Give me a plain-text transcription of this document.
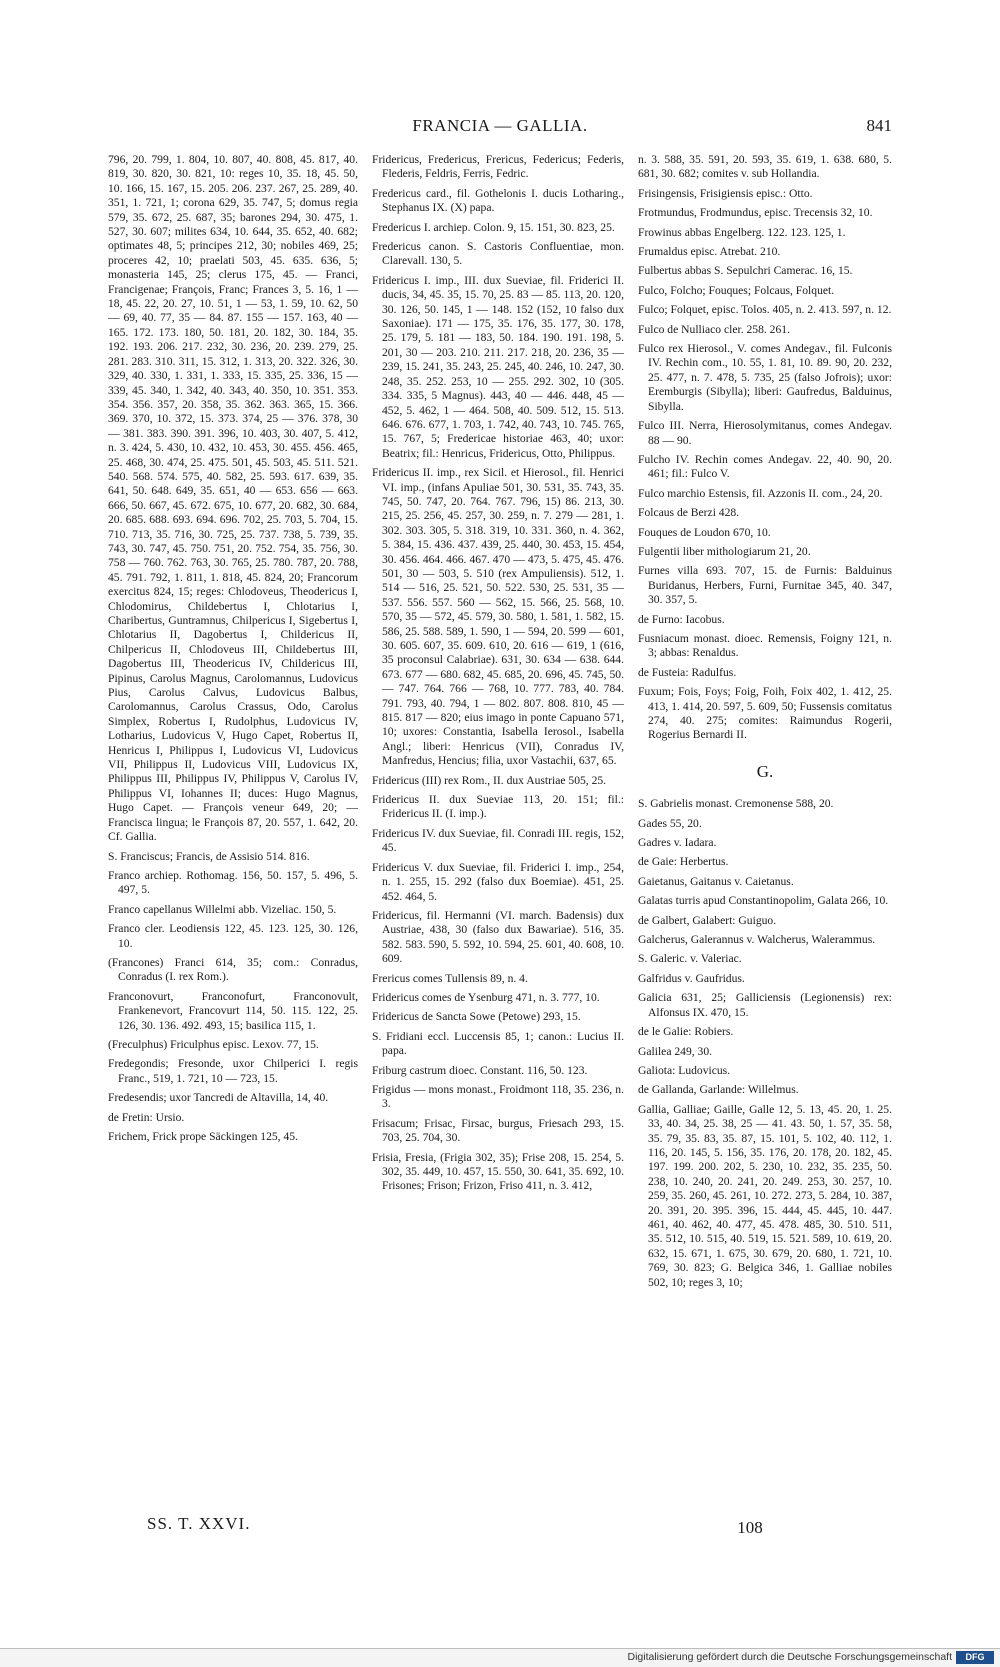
FRANCIA — GALLIA.	841
796, 20. 799, 1. 804, 10. 807, 40. 808, 45. 817, 40. 819, 30. 820, 30. 821, 10: reges 10, 35. 18, 45. 50, 10. 166, 15. 167, 15. 205. 206. 237. 267, 25. 289, 40. 351, 1. 721, 1; corona 629, 35. 747, 5; domus regia 579, 35. 672, 25. 687, 35; barones 294, 30. 475, 1. 527, 30. 607; milites 634, 10. 644, 35. 652, 40. 682; optimates 48, 5; principes 212, 30; nobiles 469, 25; proceres 42, 10; praelati 503, 45. 635. 636, 5; monasteria 145, 25; clerus 175, 45. — Franci, Francigenae; François, Franc; Frances 3, 5. 16, 1 — 18, 45. 22, 20. 27, 10. 51, 1 — 53, 1. 59, 10. 62, 50 — 69, 40. 77, 35 — 84. 87. 155 — 157. 163, 40 — 165. 172. 173. 180, 50. 181, 20. 182, 30. 184, 35. 192. 193. 206. 217. 232, 30. 236, 20. 239. 279, 25. 281. 283. 310. 311, 15. 312, 1. 313, 20. 322. 326, 30. 329, 40. 330, 1. 331, 1. 333, 15. 335, 25. 336, 15 — 339, 45. 340, 1. 342, 40. 343, 40. 350, 10. 351. 353. 354. 356. 357, 20. 358, 35. 362. 363. 365, 15. 366. 369. 370, 10. 372, 15. 373. 374, 25 — 376. 378, 30 — 381. 383. 390. 391. 396, 10. 403, 30. 407, 5. 412, n. 3. 424, 5. 430, 10. 432, 10. 453, 30. 455. 456. 465, 25. 468, 30. 474, 25. 475. 501, 45. 503, 45. 511. 521. 540. 568. 574. 575, 40. 582, 25. 593. 617. 639, 35. 641, 50. 648. 649, 35. 651, 40 — 653. 656 — 663. 666, 50. 667, 45. 672. 675, 10. 677, 20. 682, 30. 684, 20. 685. 688. 693. 694. 696. 702, 25. 703, 5. 704, 15. 710. 713, 35. 716, 30. 725, 25. 737. 738, 5. 739, 35. 743, 30. 747, 45. 750. 751, 20. 752. 754, 35. 756, 30. 758 — 760. 762. 763, 30. 765, 25. 780. 787, 20. 788, 45. 791. 792, 1. 811, 1. 818, 45. 824, 20; Francorum exercitus 824, 15; reges: Chlodoveus, Theodericus I, Chlodomirus, Childebertus I, Chlotarius I, Charibertus, Guntramnus, Chilpericus I, Sigebertus I, Chlotarius II, Dagobertus I, Childericus II, Chilpericus II, Chlodoveus III, Childebertus III, Dagobertus III, Theodericus IV, Childericus III, Pipinus, Carolus Magnus, Carolomannus, Ludovicus Pius, Carolus Calvus, Ludovicus Balbus, Carolomannus, Carolus Crassus, Odo, Carolus Simplex, Robertus I, Rudolphus, Ludovicus IV, Lotharius, Ludovicus V, Hugo Capet, Robertus II, Henricus I, Philippus I, Ludovicus VI, Ludovicus VII, Philippus II, Ludovicus VIII, Ludovicus IX, Philippus III, Philippus IV, Philippus V, Carolus IV, Philippus VI, Iohannes II; duces: Hugo Magnus, Hugo Capet. — François veneur 649, 20; — Francisca lingua; le François 87, 20. 557, 1. 642, 20. Cf. Gallia.
S. Franciscus; Francis, de Assisio 514. 816.
Franco archiep. Rothomag. 156, 50. 157, 5. 496, 5. 497, 5.
Franco capellanus Willelmi abb. Vizeliac. 150, 5.
Franco cler. Leodiensis 122, 45. 123. 125, 30. 126, 10.
(Francones) Franci 614, 35; com.: Conradus, Conradus (I. rex Rom.).
Franconovurt, Franconofurt, Franconovult, Frankenevort, Francovurt 114, 50. 115. 122, 25. 126, 30. 136. 492. 493, 15; basilica 115, 1.
(Freculphus) Friculphus episc. Lexov. 77, 15.
Fredegondis; Fresonde, uxor Chilperici I. regis Franc., 519, 1. 721, 10 — 723, 15.
Fredesendis; uxor Tancredi de Altavilla, 14, 40.
de Fretin: Ursio.
Frichem, Frick prope Säckingen 125, 45.
Fridericus, Fredericus, Frericus, Federicus; Federis, Flederis, Feldris, Ferris, Fedric.
Fredericus card., fil. Gothelonis I. ducis Lotharing., Stephanus IX. (X) papa.
Fredericus I. archiep. Colon. 9, 15. 151, 30. 823, 25.
Fredericus canon. S. Castoris Confluentiae, mon. Clarevall. 130, 5.
Fridericus I. imp., III. dux Sueviae, fil. Friderici II. ducis, 34, 45. 35, 15. 70, 25. 83 — 85. 113, 20. 120, 30. 126, 50. 145, 1 — 148. 152 (152, 10 falso dux Saxoniae). 171 — 175, 35. 176, 35. 177, 30. 178, 25. 179, 5. 181 — 183, 50. 184. 190. 191. 198, 5. 201, 30 — 203. 210. 211. 217. 218, 20. 236, 35 — 239, 15. 241, 35. 243, 25. 245, 40. 246, 10. 247, 30. 248, 35. 252. 253, 10 — 255. 292. 302, 10 (305. 334. 335, 5 Magnus). 443, 40 — 446. 448, 45 — 452, 5. 462, 1 — 464. 508, 40. 509. 512, 15. 513. 646. 676. 677, 1. 703, 1. 742, 40. 743, 10. 745. 765, 15. 767, 5; Fredericae historiae 463, 40; uxor: Beatrix; fil.: Henricus, Fridericus, Otto, Philippus.
Fridericus II. imp., rex Sicil. et Hierosol., fil. Henrici VI. imp., (infans Apuliae 501, 30. 531, 35. 743, 35. 745, 50. 747, 20. 764. 767. 796, 15) 86. 213, 30. 215, 25. 256, 45. 257, 30. 259, n. 7. 279 — 281, 1. 302. 303. 305, 5. 318. 319, 10. 331. 360, n. 4. 362, 5. 384, 15. 436. 437. 439, 25. 440, 30. 453, 15. 454, 30. 456. 464. 466. 467. 470 — 473, 5. 475, 45. 476. 501, 30 — 503, 5. 510 (rex Ampuliensis). 512, 1. 514 — 516, 25. 521, 50. 522. 530, 25. 531, 35 — 537. 556. 557. 560 — 562, 15. 566, 25. 568, 10. 570, 35 — 572, 45. 579, 30. 580, 1. 581, 1. 582, 15. 586, 25. 588. 589, 1. 590, 1 — 594, 20. 599 — 601, 30. 605. 607, 35. 609. 610, 20. 616 — 619, 1 (616, 35 proconsul Calabriae). 631, 30. 634 — 638. 644. 673. 677 — 680. 682, 45. 685, 20. 696, 45. 745, 50. — 747. 764. 766 — 768, 10. 777. 783, 40. 784. 791. 793, 40. 794, 1 — 802. 807. 808. 810, 45 — 815. 817 — 820; eius imago in ponte Capuano 571, 10; uxores: Constantia, Isabella Ierosol., Isabella Angl.; liberi: Henricus (VII), Conradus IV, Manfredus, Hencius; filia, uxor Vastachii, 637, 65.
Fridericus (III) rex Rom., II. dux Austriae 505, 25.
Fridericus II. dux Sueviae 113, 20. 151; fil.: Fridericus II. (I. imp.).
Fridericus IV. dux Sueviae, fil. Conradi III. regis, 152, 45.
Fridericus V. dux Sueviae, fil. Friderici I. imp., 254, n. 1. 255, 15. 292 (falso dux Boemiae). 451, 25. 452. 464, 5.
Fridericus, fil. Hermanni (VI. march. Badensis) dux Austriae, 438, 30 (falso dux Bawariae). 516, 35. 582. 583. 590, 5. 592, 10. 594, 25. 601, 40. 608, 10. 609.
Frericus comes Tullensis 89, n. 4.
Fridericus comes de Ysenburg 471, n. 3. 777, 10.
Fridericus de Sancta Sowe (Petowe) 293, 15.
S. Fridiani eccl. Luccensis 85, 1; canon.: Lucius II. papa.
Friburg castrum dioec. Constant. 116, 50. 123.
Frigidus — mons monast., Froidmont 118, 35. 236, n. 3.
Frisacum; Frisac, Firsac, burgus, Friesach 293, 15. 703, 25. 704, 30.
Frisia, Fresia, (Frigia 302, 35); Frise 208, 15. 254, 5. 302, 35. 449, 10. 457, 15. 550, 30. 641, 35. 692, 10. Frisones; Frison; Frizon, Friso 411, n. 3. 412,
n. 3. 588, 35. 591, 20. 593, 35. 619, 1. 638. 680, 5. 681, 30. 682; comites v. sub Hollandia.
Frisingensis, Frisigiensis episc.: Otto.
Frotmundus, Frodmundus, episc. Trecensis 32, 10.
Frowinus abbas Engelberg. 122. 123. 125, 1.
Frumaldus episc. Atrebat. 210.
Fulbertus abbas S. Sepulchri Camerac. 16, 15.
Fulco, Folcho; Fouques; Folcaus, Folquet.
Fulco; Folquet, episc. Tolos. 405, n. 2. 413. 597, n. 12.
Fulco de Nulliaco cler. 258. 261.
Fulco rex Hierosol., V. comes Andegav., fil. Fulconis IV. Rechin com., 10. 55, 1. 81, 10. 89. 90, 20. 232, 25. 477, n. 7. 478, 5. 735, 25 (falso Jofrois); uxor: Eremburgis (Sibylla); liberi: Gaufredus, Balduinus, Sibylla.
Fulco III. Nerra, Hierosolymitanus, comes Andegav. 88 — 90.
Fulcho IV. Rechin comes Andegav. 22, 40. 90, 20. 461; fil.: Fulco V.
Fulco marchio Estensis, fil. Azzonis II. com., 24, 20.
Folcaus de Berzi 428.
Fouques de Loudon 670, 10.
Fulgentii liber mithologiarum 21, 20.
Furnes villa 693. 707, 15. de Furnis: Balduinus Buridanus, Herbers, Furni, Furnitae 345, 40. 347, 30. 357, 5.
de Furno: Iacobus.
Fusniacum monast. dioec. Remensis, Foigny 121, n. 3; abbas: Renaldus.
de Fusteia: Radulfus.
Fuxum; Fois, Foys; Foig, Foih, Foix 402, 1. 412, 25. 413, 1. 414, 20. 597, 5. 609, 50; Fussensis comitatus 274, 40. 275; comites: Raimundus Rogerii, Rogerius Bernardi II.
G.
S. Gabrielis monast. Cremonense 588, 20.
Gades 55, 20.
Gadres v. Iadara.
de Gaie: Herbertus.
Gaietanus, Gaitanus v. Caietanus.
Galatas turris apud Constantinopolim, Galata 266, 10.
de Galbert, Galabert: Guiguo.
Galcherus, Galerannus v. Walcherus, Walerammus.
S. Galeric. v. Valeriac.
Galfridus v. Gaufridus.
Galicia 631, 25; Galliciensis (Legionensis) rex: Alfonsus IX. 470, 15.
de le Galie: Robiers.
Galilea 249, 30.
Galiota: Ludovicus.
de Gallanda, Garlande: Willelmus.
Gallia, Galliae; Gaille, Galle 12, 5. 13, 45. 20, 1. 25. 33, 40. 34, 25. 38, 25 — 41. 43. 50, 1. 57, 35. 58, 35. 79, 35. 83, 35. 87, 15. 101, 5. 102, 40. 112, 1. 116, 20. 145, 5. 156, 35. 176, 20. 178, 20. 182, 45. 197. 199. 200. 202, 5. 230, 10. 232, 35. 235, 50. 238, 10. 240, 20. 241, 20. 249. 253, 30. 257, 10. 259, 35. 260, 45. 261, 10. 272. 273, 5. 284, 10. 387, 20. 391, 20. 395. 396, 15. 444, 45. 445, 10. 447. 461, 40. 462, 40. 477, 45. 478. 485, 30. 510. 511, 35. 512, 10. 515, 40. 519, 15. 521. 589, 10. 619, 20. 632, 15. 671, 1. 675, 30. 679, 20. 680, 1. 721, 10. 769, 30. 823; G. Belgica 346, 1. Galliae nobiles 502, 10; reges 3, 10;
SS. T. XXVI.	108
Digitalisierung gefördert durch die Deutsche Forschungsgemeinschaft	DFG
